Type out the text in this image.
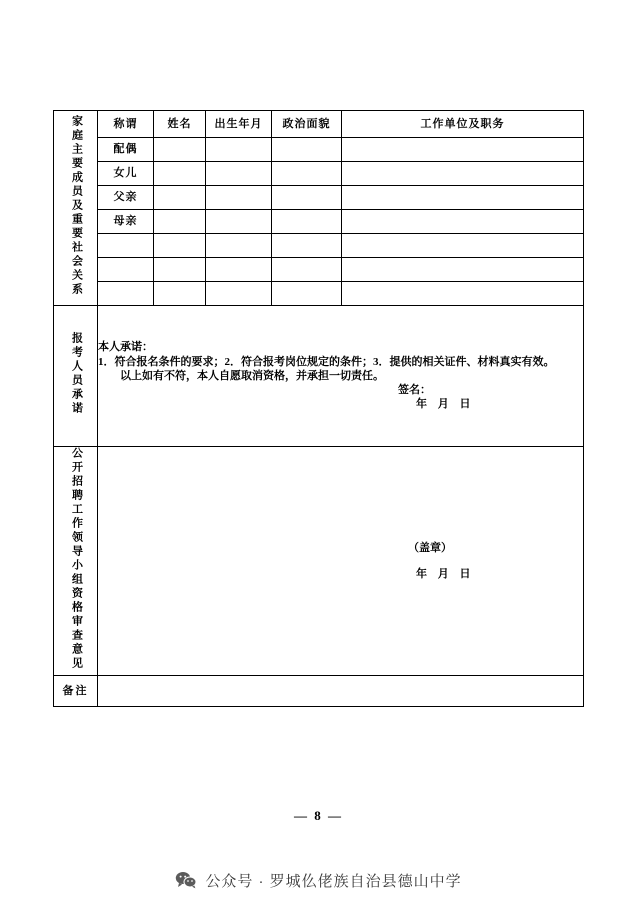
家庭主要成员及重要社会关系	称谓	姓名	出生年月	政治面貌	工作单位及职务
	配偶				
	女儿				
	父亲				
	母亲				

报考人员承诺	本人承诺：

1．符合报名条件的要求；2．符合报考岗位规定的条件；3．提供的相关证件、材料真实有效。

以上如有不符，本人自愿取消资格，并承担一切责任。

签名：

年 月 日				

公开招聘工作领导小组资格审查意见	（盖章）

年 月 日				

备注					
— 8 —
公众号 · 罗城仫佬族自治县德山中学
